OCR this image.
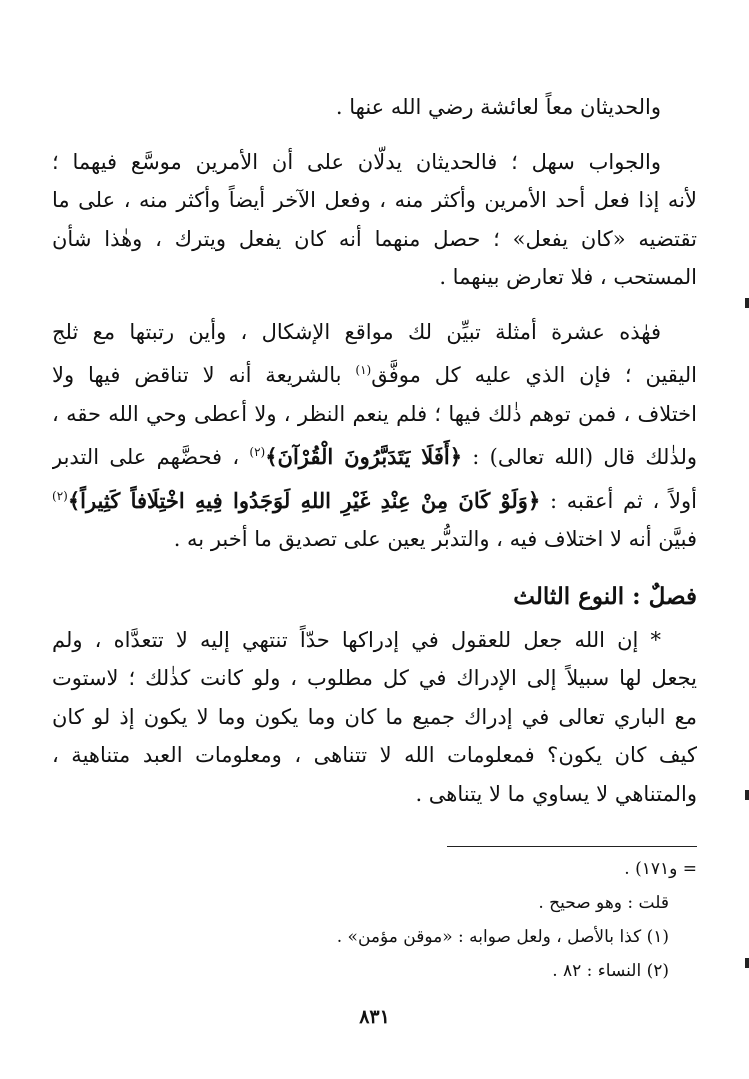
والحديثان معاً لعائشة رضي الله عنها .

والجواب سهل ؛ فالحديثان يدلّان على أن الأمرين موسَّع فيهما ؛
لأنه إذا فعل أحد الأمرين وأكثر منه ، وفعل الآخر أيضاً وأكثر منه ، على ما
تقتضيه «كان يفعل» ؛ حصل منهما أنه كان يفعل ويترك ، وهٰذا شأن
المستحب ، فلا تعارض بينهما .

فهٰذه عشرة أمثلة تبيِّن لك مواقع الإشكال ، وأين رتبتها مع ثلج
اليقين ؛ فإن الذي عليه كل موفَّق$^{(١)}$ بالشريعة أنه لا تناقض فيها ولا
اختلاف ، فمن توهم ذٰلك فيها ؛ فلم ينعم النظر ، ولا أعطى وحي الله حقه ،
ولذٰلك قال (الله تعالى) : ﴿أَفَلَا يَتَدَبَّرُونَ الْقُرْآنَ﴾$^{(٢)}$ ، فحضَّهم على التدبر
أولاً ، ثم أعقبه : ﴿وَلَوْ كَانَ مِنْ عِنْدِ غَيْرِ اللهِ لَوَجَدُوا فِيهِ اخْتِلَافاً كَثِيراً﴾$^{(٢)}$
فبيَّن أنه لا اختلاف فيه ، والتدبُّر يعين على تصديق ما أخبر به .

فصلٌ : النوع الثالث

* إن الله جعل للعقول في إدراكها حدّاً تنتهي إليه لا تتعدَّاه ، ولم
يجعل لها سبيلاً إلى الإدراك في كل مطلوب ، ولو كانت كذٰلك ؛ لاستوت
مع الباري تعالى في إدراك جميع ما كان وما يكون وما لا يكون إذ لو كان
كيف كان يكون؟ فمعلومات الله لا تتناهى ، ومعلومات العبد متناهية ،
والمتناهي لا يساوي ما لا يتناهى .

= و١٧١) .
قلت : وهو صحيح .
(١) كذا بالأصل ، ولعل صوابه : «موقن مؤمن» .
(٢) النساء : ٨٢ .
٨٣١
